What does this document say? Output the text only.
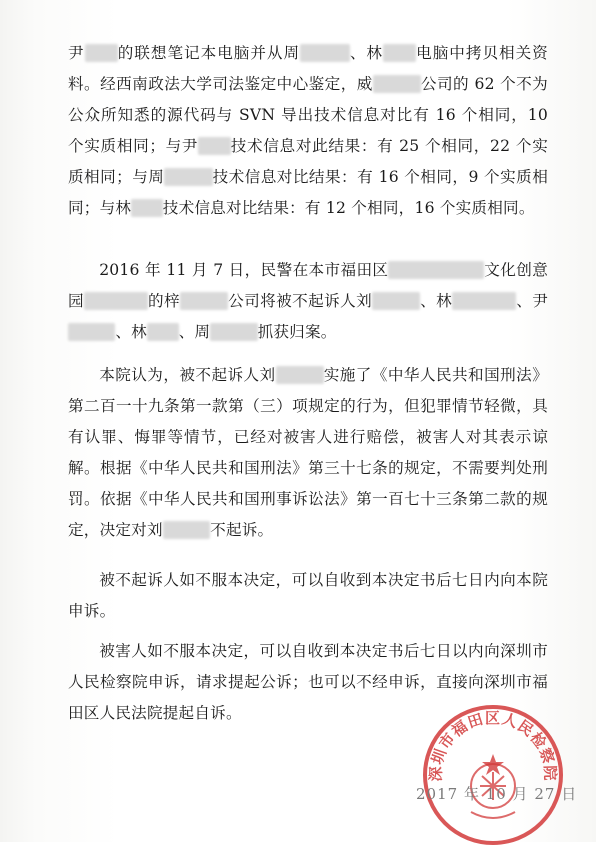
尹 的联想笔记本电脑并从周	、林 电脑中拷贝相关资料。经西南政法大学司法鉴定中心鉴定，威	公司的 62 个不为公众所知悉的源代码与 SVN 导出技术信息对比有 16 个相同，10 个实质相同；与尹 技术信息对此结果：有 25 个相同，22 个实质相同；与周	技术信息对比结果：有 16 个相同，9 个实质相同；与林 技术信息对比结果：有 12 个相同，16 个实质相同。

2016 年 11 月 7 日，民警在本市福田区	文化创意园	的梓	公司将被不起诉人刘	、林	、尹、林 、周	抓获归案。

本院认为，被不起诉人刘	实施了《中华人民共和国刑法》第二百一十九条第一款第（三）项规定的行为，但犯罪情节轻微，具有认罪、悔罪等情节，已经对被害人进行赔偿，被害人对其表示谅解。根据《中华人民共和国刑法》第三十七条的规定，不需要判处刑罚。依据《中华人民共和国刑事诉讼法》第一百七十三条第二款的规定，决定对刘	不起诉。

被不起诉人如不服本决定，可以自收到本决定书后七日内向本院申诉。

被害人如不服本决定，可以自收到本决定书后七日以内向深圳市人民检察院申诉，请求提起公诉；也可以不经申诉，直接向深圳市福田区人民法院提起自诉。

深圳市福田区人民检察院
2017 年 10 月 27 日
